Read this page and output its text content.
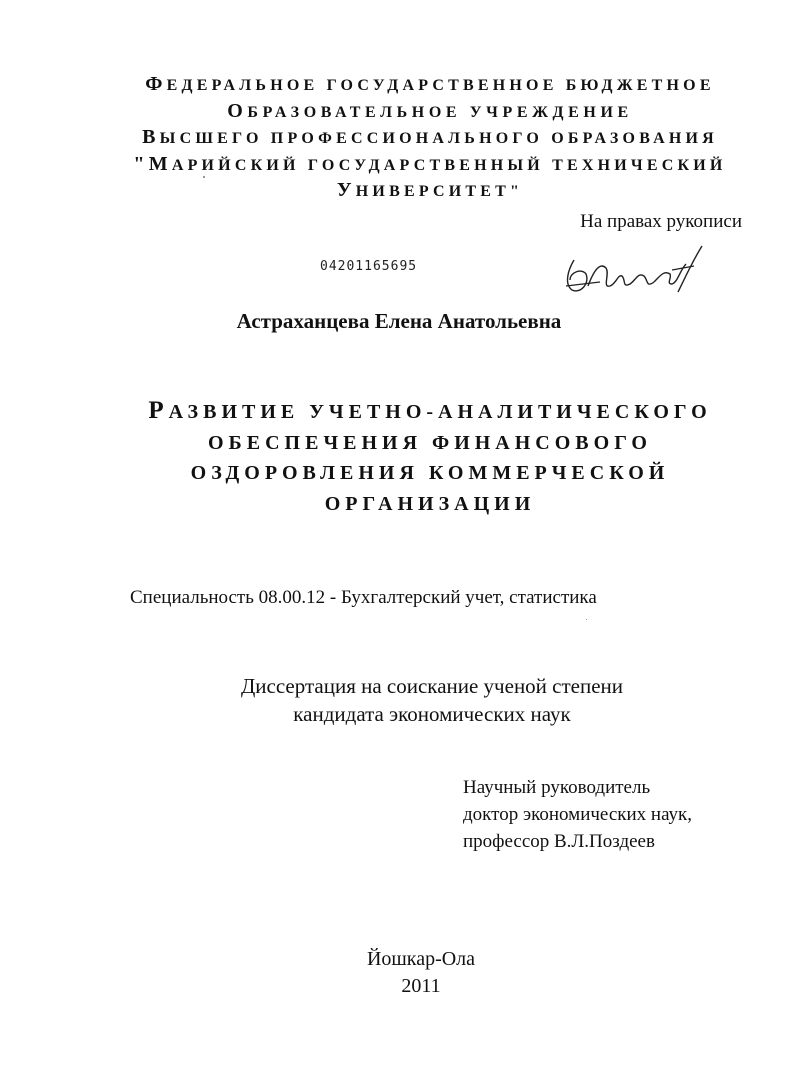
ФЕДЕРАЛЬНОЕ ГОСУДАРСТВЕННОЕ БЮДЖЕТНОЕ
ОБРАЗОВАТЕЛЬНОЕ УЧРЕЖДЕНИЕ
ВЫСШЕГО ПРОФЕССИОНАЛЬНОГО ОБРАЗОВАНИЯ
"МАРИЙСКИЙ ГОСУДАРСТВЕННЫЙ ТЕХНИЧЕСКИЙ
УНИВЕРСИТЕТ"
На правах рукописи
04201165695
Астраханцева Елена Анатольевна
РАЗВИТИЕ УЧЕТНО-АНАЛИТИЧЕСКОГО
ОБЕСПЕЧЕНИЯ ФИНАНСОВОГО
ОЗДОРОВЛЕНИЯ КОММЕРЧЕСКОЙ
ОРГАНИЗАЦИИ
Специальность 08.00.12 - Бухгалтерский учет, статистика
Диссертация на соискание ученой степени
кандидата экономических наук
Научный руководитель
доктор экономических наук,
профессор В.Л.Поздеев
Йошкар-Ола
2011
